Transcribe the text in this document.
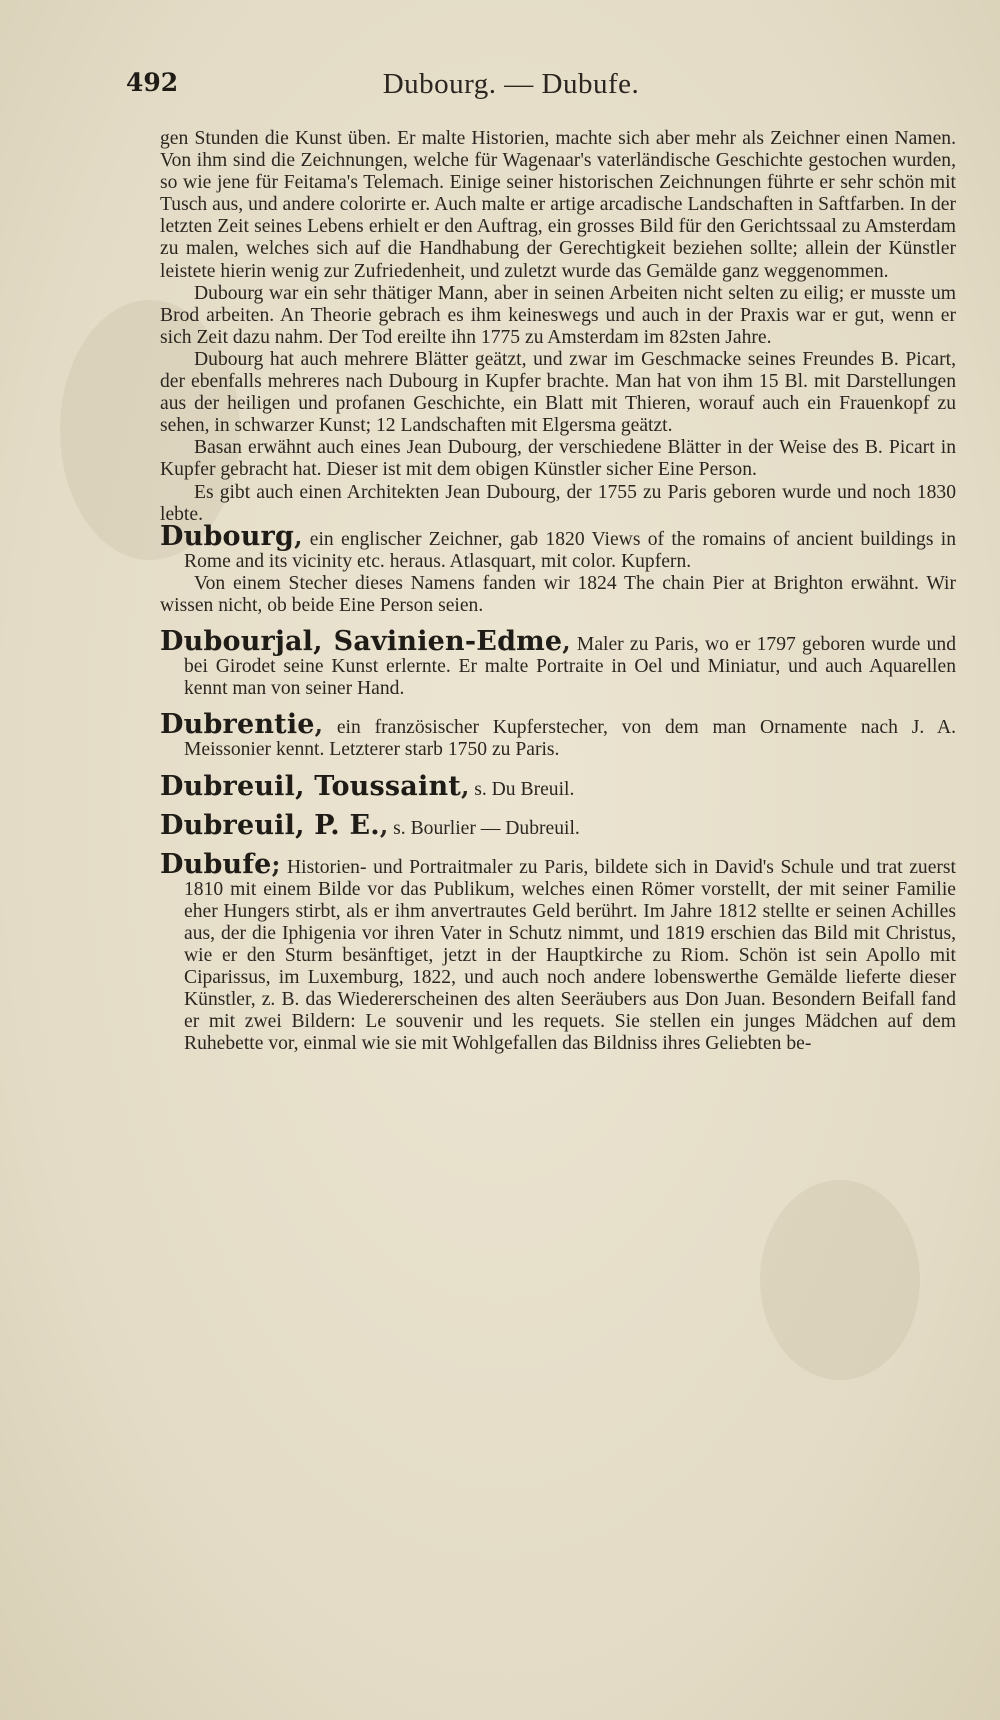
492	Dubourg. — Dubufe.

gen Stunden die Kunst üben. Er malte Historien, machte sich aber mehr als Zeichner einen Namen. Von ihm sind die Zeichnungen, welche für Wagenaar's vaterländische Geschichte gestochen wurden, so wie jene für Feitama's Telemach. Einige seiner historischen Zeichnungen führte er sehr schön mit Tusch aus, und andere colorirte er. Auch malte er artige arcadische Landschaften in Saftfarben. In der letzten Zeit seines Lebens erhielt er den Auftrag, ein grosses Bild für den Gerichtssaal zu Amsterdam zu malen, welches sich auf die Handhabung der Gerechtigkeit beziehen sollte; allein der Künstler leistete hierin wenig zur Zufriedenheit, und zuletzt wurde das Gemälde ganz weggenommen.

Dubourg war ein sehr thätiger Mann, aber in seinen Arbeiten nicht selten zu eilig; er musste um Brod arbeiten. An Theorie gebrach es ihm keineswegs und auch in der Praxis war er gut, wenn er sich Zeit dazu nahm. Der Tod ereilte ihn 1775 zu Amsterdam im 82sten Jahre.

Dubourg hat auch mehrere Blätter geätzt, und zwar im Geschmacke seines Freundes B. Picart, der ebenfalls mehreres nach Dubourg in Kupfer brachte. Man hat von ihm 15 Bl. mit Darstellungen aus der heiligen und profanen Geschichte, ein Blatt mit Thieren, worauf auch ein Frauenkopf zu sehen, in schwarzer Kunst; 12 Landschaften mit Elgersma geätzt.

Basan erwähnt auch eines Jean Dubourg, der verschiedene Blätter in der Weise des B. Picart in Kupfer gebracht hat. Dieser ist mit dem obigen Künstler sicher Eine Person.

Es gibt auch einen Architekten Jean Dubourg, der 1755 zu Paris geboren wurde und noch 1830 lebte.

Dubourg, ein englischer Zeichner, gab 1820 Views of the romains of ancient buildings in Rome and its vicinity etc. heraus. Atlasquart, mit color. Kupfern.

Von einem Stecher dieses Namens fanden wir 1824 The chain Pier at Brighton erwähnt. Wir wissen nicht, ob beide Eine Person seien.

Dubourjal, Savinien-Edme, Maler zu Paris, wo er 1797 geboren wurde und bei Girodet seine Kunst erlernte. Er malte Portraite in Oel und Miniatur, und auch Aquarellen kennt man von seiner Hand.

Dubrentie, ein französischer Kupferstecher, von dem man Ornamente nach J. A. Meissonier kennt. Letzterer starb 1750 zu Paris.

Dubreuil, Toussaint, s. Du Breuil.

Dubreuil, P. E., s. Bourlier — Dubreuil.

Dubufe; Historien- und Portraitmaler zu Paris, bildete sich in David's Schule und trat zuerst 1810 mit einem Bilde vor das Publikum, welches einen Römer vorstellt, der mit seiner Familie eher Hungers stirbt, als er ihm anvertrautes Geld berührt. Im Jahre 1812 stellte er seinen Achilles aus, der die Iphigenia vor ihren Vater in Schutz nimmt, und 1819 erschien das Bild mit Christus, wie er den Sturm besänftiget, jetzt in der Hauptkirche zu Riom. Schön ist sein Apollo mit Ciparissus, im Luxemburg, 1822, und auch noch andere lobenswerthe Gemälde lieferte dieser Künstler, z. B. das Wiedererscheinen des alten Seeräubers aus Don Juan. Besondern Beifall fand er mit zwei Bildern: Le souvenir und les requets. Sie stellen ein junges Mädchen auf dem Ruhebette vor, einmal wie sie mit Wohlgefallen das Bildniss ihres Geliebten be-
